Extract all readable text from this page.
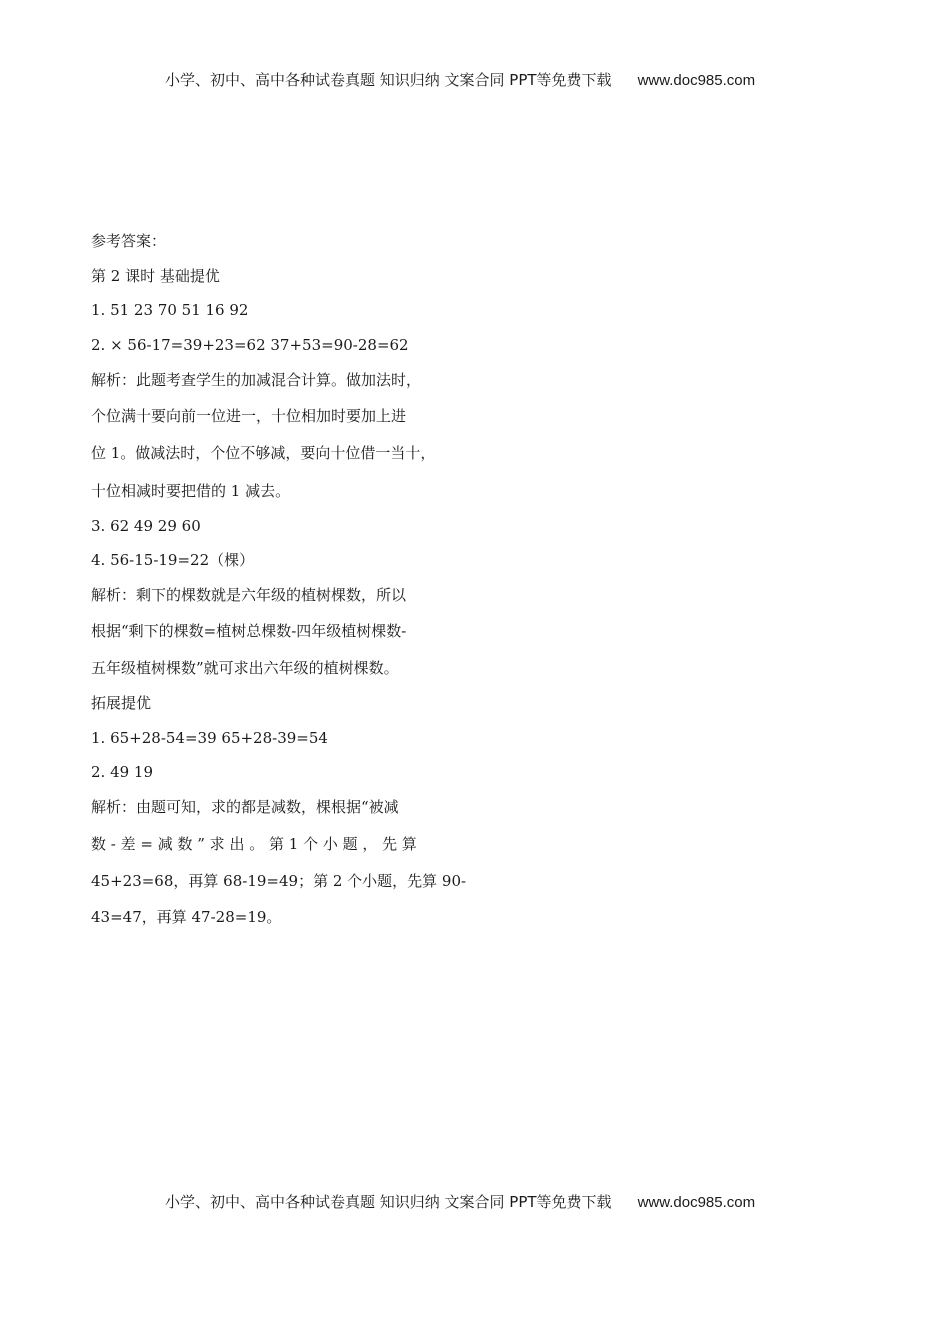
小学、初中、高中各种试卷真题 知识归纳 文案合同 PPT等免费下载 www.doc985.com
参考答案：
第 2 课时 基础提优
1. 51 23 70 51 16 92
2. × 56-17=39+23=62 37+53=90-28=62
解析：此题考查学生的加减混合计算。做加法时，
个位满十要向前一位进一，十位相加时要加上进
位 1。做减法时，个位不够减，要向十位借一当十，
十位相减时要把借的 1 减去。
3. 62 49 29 60
4. 56-15-19=22（棵）
解析：剩下的棵数就是六年级的植树棵数，所以
根据“剩下的棵数=植树总棵数-四年级植树棵数-
五年级植树棵数”就可求出六年级的植树棵数。
拓展提优
1. 65+28-54=39 65+28-39=54
2. 49 19
解析：由题可知，求的都是减数，棵根据“被减
数 - 差 = 减 数 ” 求 出 。 第 1 个 小 题 ， 先 算
45+23=68，再算 68-19=49；第 2 个小题，先算 90-
43=47，再算 47-28=19。
小学、初中、高中各种试卷真题 知识归纳 文案合同 PPT等免费下载 www.doc985.com
